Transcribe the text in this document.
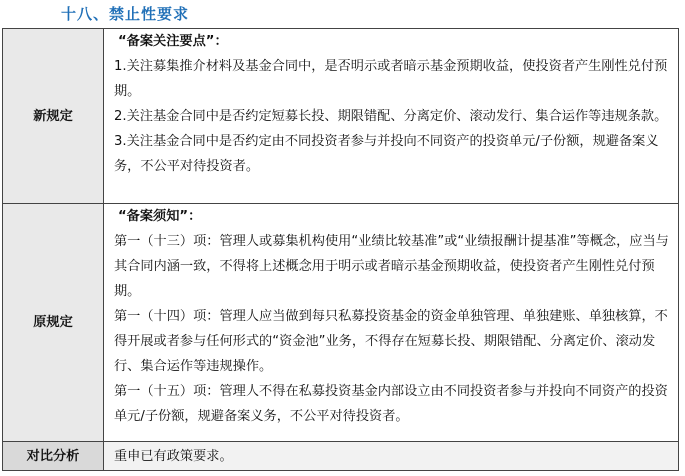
十八、禁止性要求
新规定	“备案关注要点”：
1.关注募集推介材料及基金合同中，是否明示或者暗示基金预期收益，使投资者产生刚性兑付预期。
2.关注基金合同中是否约定短募长投、期限错配、分离定价、滚动发行、集合运作等违规条款。
3.关注基金合同中是否约定由不同投资者参与并投向不同资产的投资单元/子份额，规避备案义务，不公平对待投资者。

原规定	“备案须知”：
第一（十三）项：管理人或募集机构使用“业绩比较基准”或“业绩报酬计提基准”等概念，应当与其合同内涵一致，不得将上述概念用于明示或者暗示基金预期收益，使投资者产生刚性兑付预期。
第一（十四）项：管理人应当做到每只私募投资基金的资金单独管理、单独建账、单独核算，不得开展或者参与任何形式的“资金池”业务，不得存在短募长投、期限错配、分离定价、滚动发行、集合运作等违规操作。
第一（十五）项：管理人不得在私募投资基金内部设立由不同投资者参与并投向不同资产的投资单元/子份额，规避备案义务，不公平对待投资者。

对比分析	重申已有政策要求。
